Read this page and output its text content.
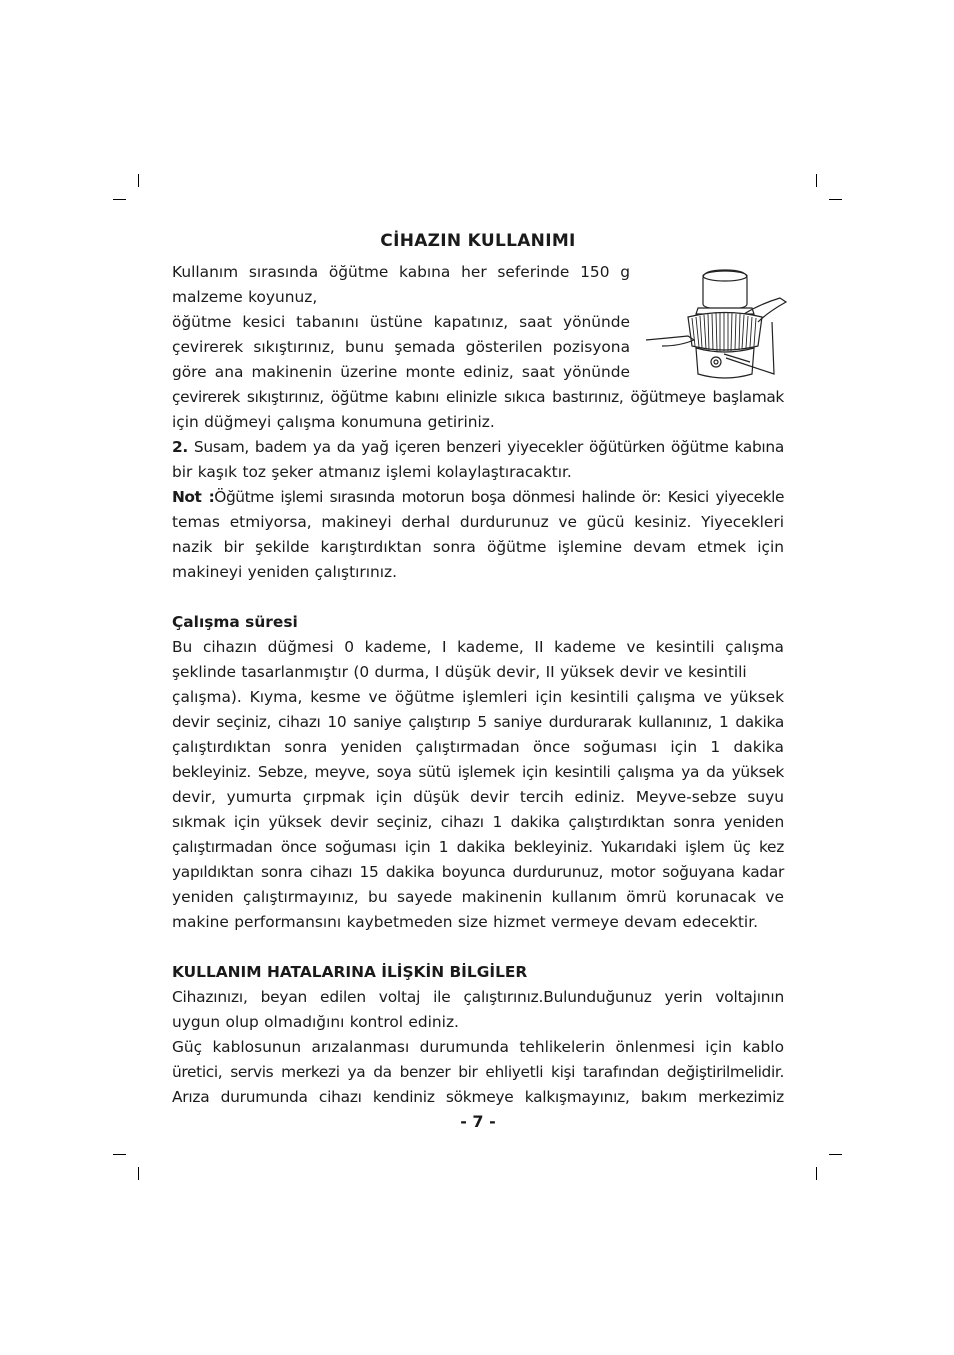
CİHAZIN KULLANIMI
Kullanım sırasında öğütme kabına her seferinde 150 g
malzeme koyunuz,
öğütme kesici tabanını üstüne kapatınız, saat yönünde
çevirerek sıkıştırınız, bunu şemada gösterilen pozisyona
göre ana makinenin üzerine monte ediniz, saat yönünde
çevirerek sıkıştırınız, öğütme kabını elinizle sıkıca bastırınız, öğütmeye başlamak
için düğmeyi çalışma konumuna getiriniz.
2. Susam, badem ya da yağ içeren benzeri yiyecekler öğütürken öğütme kabına
bir kaşık toz şeker atmanız işlemi kolaylaştıracaktır.
Not :Öğütme işlemi sırasında motorun boşa dönmesi halinde ör: Kesici yiyecekle
temas etmiyorsa, makineyi derhal durdurunuz ve gücü kesiniz. Yiyecekleri
nazik bir şekilde karıştırdıktan sonra öğütme işlemine devam etmek için
makineyi yeniden çalıştırınız.
Çalışma süresi
Bu cihazın düğmesi 0 kademe, I kademe, II kademe ve kesintili çalışma
şeklinde tasarlanmıştır (0 durma, I düşük devir, II yüksek devir ve kesintili
çalışma). Kıyma, kesme ve öğütme işlemleri için kesintili çalışma ve yüksek
devir seçiniz, cihazı 10 saniye çalıştırıp 5 saniye durdurarak kullanınız, 1 dakika
çalıştırdıktan sonra yeniden çalıştırmadan önce soğuması için 1 dakika
bekleyiniz. Sebze, meyve, soya sütü işlemek için kesintili çalışma ya da yüksek
devir, yumurta çırpmak için düşük devir tercih ediniz. Meyve-sebze suyu
sıkmak için yüksek devir seçiniz, cihazı 1 dakika çalıştırdıktan sonra yeniden
çalıştırmadan önce soğuması için 1 dakika bekleyiniz. Yukarıdaki işlem üç kez
yapıldıktan sonra cihazı 15 dakika boyunca durdurunuz, motor soğuyana kadar
yeniden çalıştırmayınız, bu sayede makinenin kullanım ömrü korunacak ve
makine performansını kaybetmeden size hizmet vermeye devam edecektir.
KULLANIM HATALARINA İLİŞKİN BİLGİLER
Cihazınızı, beyan edilen voltaj ile çalıştırınız.Bulunduğunuz yerin voltajının
uygun olup olmadığını kontrol ediniz.
Güç kablosunun arızalanması durumunda tehlikelerin önlenmesi için kablo
üretici, servis merkezi ya da benzer bir ehliyetli kişi tarafından değiştirilmelidir.
Arıza durumunda cihazı kendiniz sökmeye kalkışmayınız, bakım merkezimiz
- 7 -
